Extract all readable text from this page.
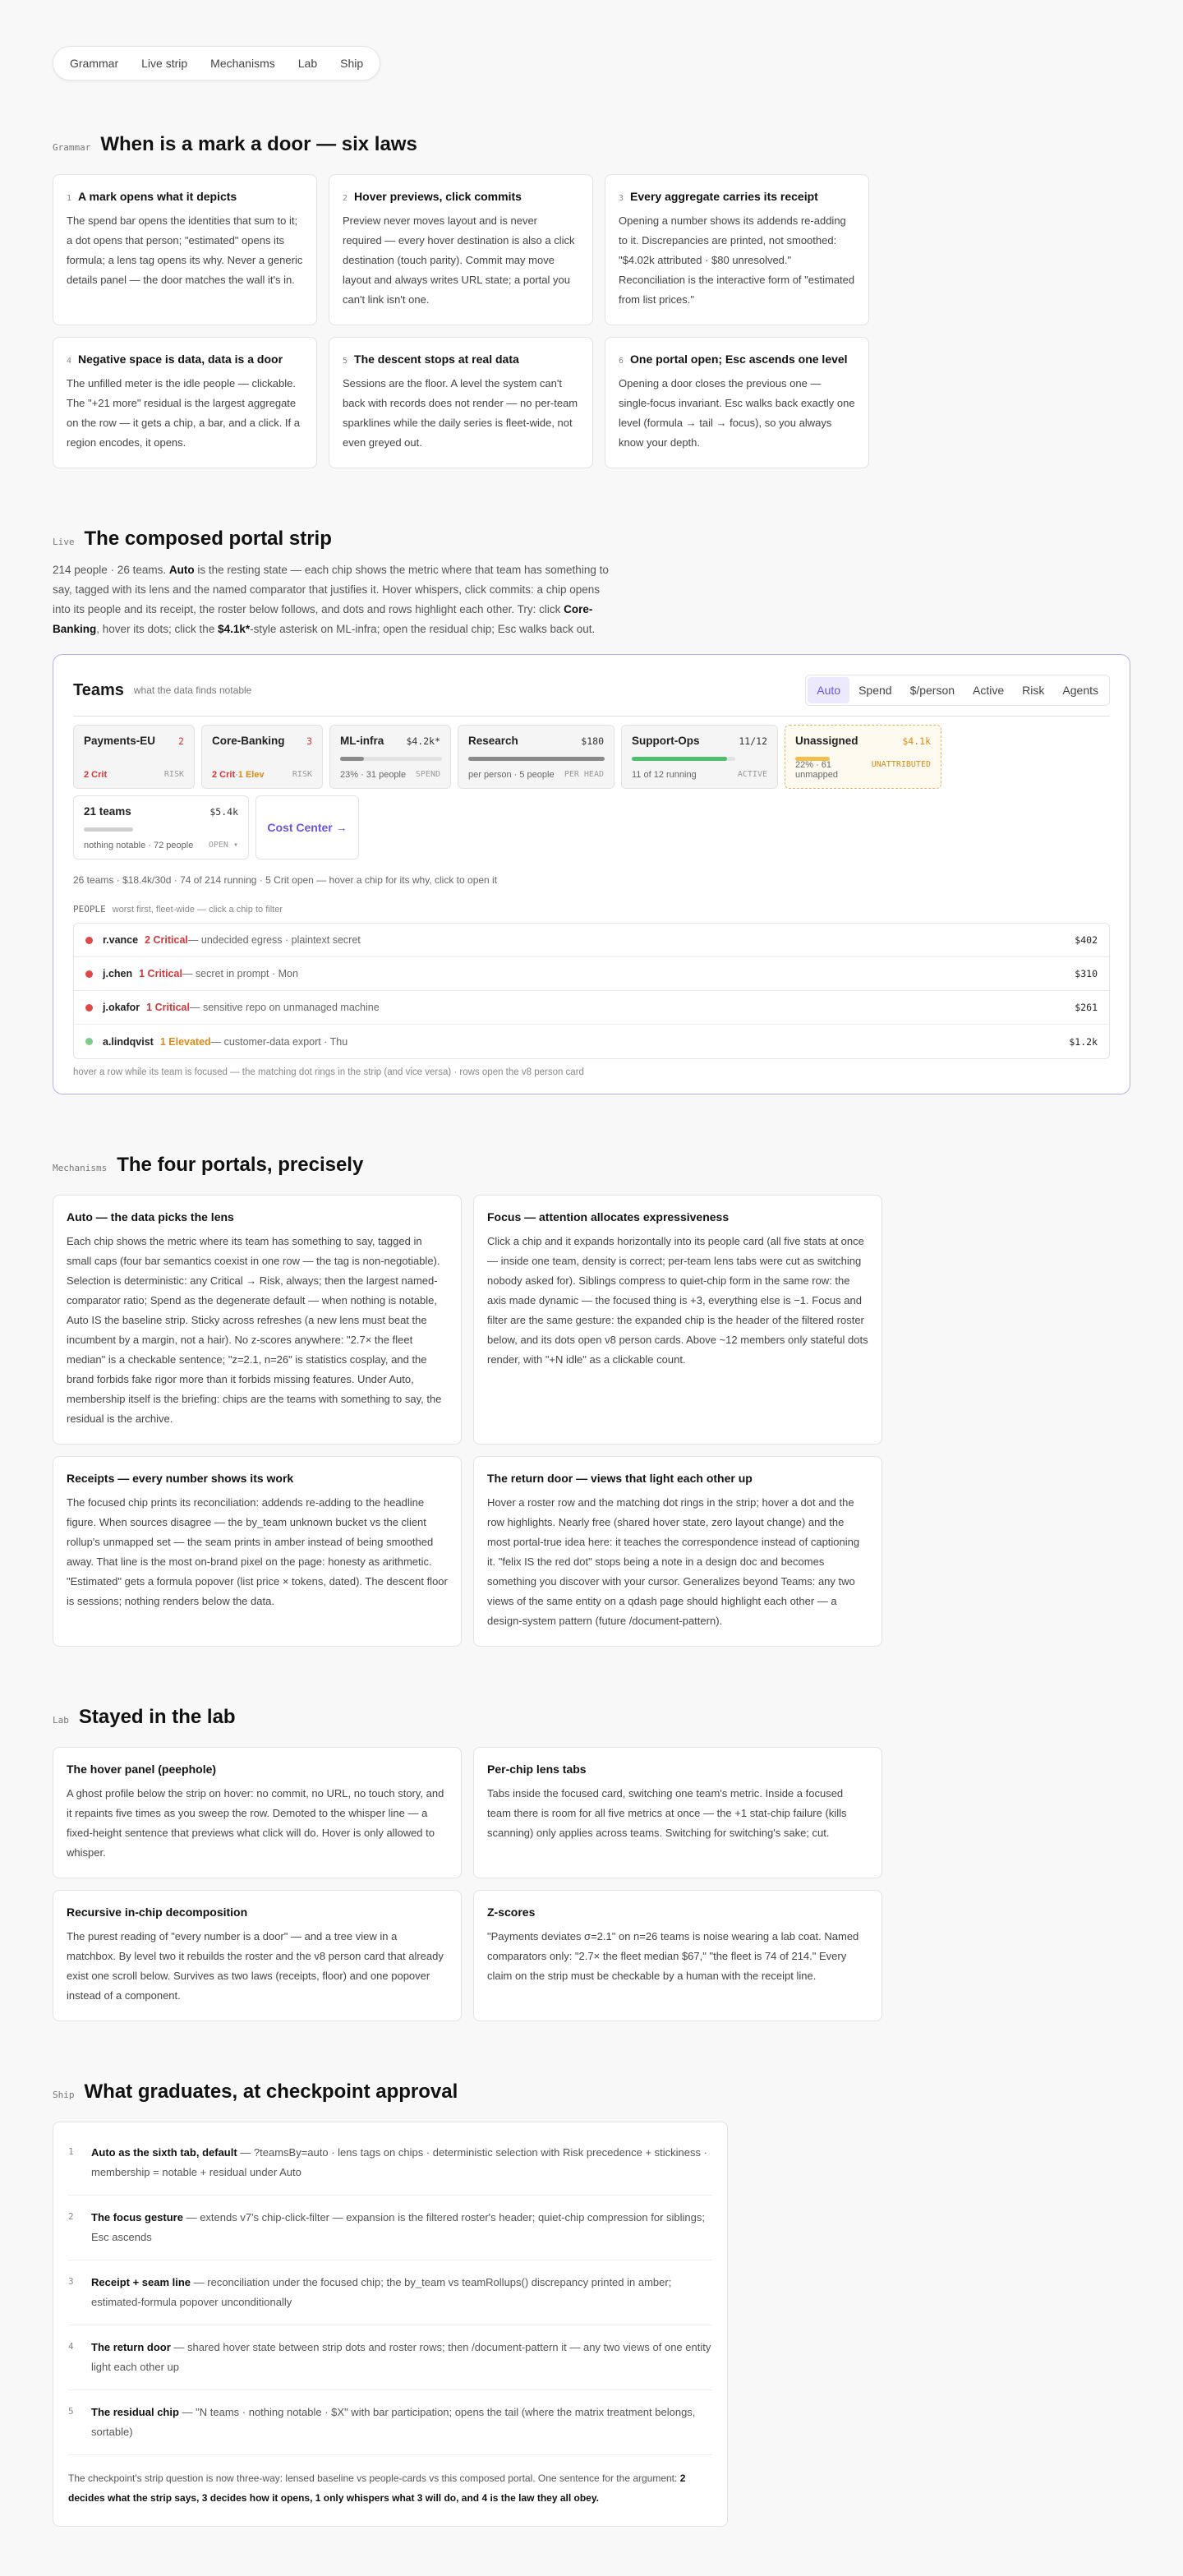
Grammar	Live strip	Mechanisms	Lab	Ship
Grammar When is a mark a door — six laws
1 A mark opens what it depicts

The spend bar opens the identities that sum to it; a dot opens that person; "estimated" opens its formula; a lens tag opens its why. Never a generic details panel — the door matches the wall it's in.

2 Hover previews, click commits

Preview never moves layout and is never required — every hover destination is also a click destination (touch parity). Commit may move layout and always writes URL state; a portal you can't link isn't one.

3 Every aggregate carries its receipt

Opening a number shows its addends re-adding to it. Discrepancies are printed, not smoothed: "$4.02k attributed · $80 unresolved." Reconciliation is the interactive form of "estimated from list prices."

4 Negative space is data, data is a door

The unfilled meter is the idle people — clickable. The "+21 more" residual is the largest aggregate on the row — it gets a chip, a bar, and a click. If a region encodes, it opens.

5 The descent stops at real data

Sessions are the floor. A level the system can't back with records does not render — no per-team sparklines while the daily series is fleet-wide, not even greyed out.

6 One portal open; Esc ascends one level

Opening a door closes the previous one — single-focus invariant. Esc walks back exactly one level (formula → tail → focus), so you always know your depth.

Live The composed portal strip

214 people · 26 teams. Auto is the resting state — each chip shows the metric where that team has something to say, tagged with its lens and the named comparator that justifies it. Hover whispers, click commits: a chip opens into its people and its receipt, the roster below follows, and dots and rows highlight each other. Try: click Core-Banking, hover its dots; click the $4.1k*-style asterisk on ML-infra; open the residual chip; Esc walks back out.

Teams what the data finds notable	Auto	Spend	$/person	Active	Risk	Agents
Payments-EU	2
2 Crit	RISK
Core-Banking	3
2 Crit · 1 Elev	RISK
ML-infra	$4.2k*
23% · 31 people SPEND
Research	$180
per person · 5 people PER HEAD
Support-Ops	11/12
11 of 12 running	ACTIVE
Unassigned	$4.1k
22% · 61 unmapped
UNATTRIBUTED
21 teams	$5.4k
nothing notable · 72 people OPEN ▾
Cost Center →
26 teams · $18.4k/30d · 74 of 214 running · 5 Crit open — hover a chip for its why, click to open it
PEOPLE worst first, fleet-wide — click a chip to filter
r.vance 2 Critical — undecided egress · plaintext secret	$402
j.chen 1 Critical — secret in prompt · Mon	$310
j.okafor 1 Critical — sensitive repo on unmanaged machine	$261
a.lindqvist 1 Elevated — customer-data export · Thu	$1.2k
hover a row while its team is focused — the matching dot rings in the strip (and vice versa) · rows open the v8 person card
Mechanisms The four portals, precisely
Auto — the data picks the lens

Each chip shows the metric where its team has something to say, tagged in small caps (four bar semantics coexist in one row — the tag is non-negotiable). Selection is deterministic: any Critical → Risk, always; then the largest named-comparator ratio; Spend as the degenerate default — when nothing is notable, Auto IS the baseline strip. Sticky across refreshes (a new lens must beat the incumbent by a margin, not a hair). No z-scores anywhere: "2.7× the fleet median" is a checkable sentence; "z=2.1, n=26" is statistics cosplay, and the brand forbids fake rigor more than it forbids missing features. Under Auto, membership itself is the briefing: chips are the teams with something to say, the residual is the archive.

Focus — attention allocates expressiveness

Click a chip and it expands horizontally into its people card (all five stats at once — inside one team, density is correct; per-team lens tabs were cut as switching nobody asked for). Siblings compress to quiet-chip form in the same row: the axis made dynamic — the focused thing is +3, everything else is −1. Focus and filter are the same gesture: the expanded chip is the header of the filtered roster below, and its dots open v8 person cards. Above ~12 members only stateful dots render, with "+N idle" as a clickable count.

Receipts — every number shows its work

The focused chip prints its reconciliation: addends re-adding to the headline figure. When sources disagree — the by_team unknown bucket vs the client rollup's unmapped set — the seam prints in amber instead of being smoothed away. That line is the most on-brand pixel on the page: honesty as arithmetic. "Estimated" gets a formula popover (list price × tokens, dated). The descent floor is sessions; nothing renders below the data.

The return door — views that light each other up

Hover a roster row and the matching dot rings in the strip; hover a dot and the row highlights. Nearly free (shared hover state, zero layout change) and the most portal-true idea here: it teaches the correspondence instead of captioning it. "felix IS the red dot" stops being a note in a design doc and becomes something you discover with your cursor. Generalizes beyond Teams: any two views of the same entity on a qdash page should highlight each other — a design-system pattern (future /document-pattern).

Lab Stayed in the lab
The hover panel (peephole)

A ghost profile below the strip on hover: no commit, no URL, no touch story, and it repaints five times as you sweep the row. Demoted to the whisper line — a fixed-height sentence that previews what click will do. Hover is only allowed to whisper.

Per-chip lens tabs

Tabs inside the focused card, switching one team's metric. Inside a focused team there is room for all five metrics at once — the +1 stat-chip failure (kills scanning) only applies across teams. Switching for switching's sake; cut.

Recursive in-chip decomposition

The purest reading of "every number is a door" — and a tree view in a matchbox. By level two it rebuilds the roster and the v8 person card that already exist one scroll below. Survives as two laws (receipts, floor) and one popover instead of a component.

Z-scores

"Payments deviates σ=2.1" on n=26 teams is noise wearing a lab coat. Named comparators only: "2.7× the fleet median $67," "the fleet is 74 of 214." Every claim on the strip must be checkable by a human with the receipt line.

Ship What graduates, at checkpoint approval
1	Auto as the sixth tab, default — ?teamsBy=auto · lens tags on chips · deterministic selection with Risk precedence + stickiness · membership = notable + residual under Auto

2	The focus gesture — extends v7's chip-click-filter — expansion is the filtered roster's header; quiet-chip compression for siblings; Esc ascends

3	Receipt + seam line — reconciliation under the focused chip; the by_team vs teamRollups() discrepancy printed in amber; estimated-formula popover unconditionally

4	The return door — shared hover state between strip dots and roster rows; then /document-pattern it — any two views of one entity light each other up

5	The residual chip — "N teams · nothing notable · $X" with bar participation; opens the tail (where the matrix treatment belongs, sortable)

The checkpoint's strip question is now three-way: lensed baseline vs people-cards vs this composed portal. One sentence for the argument: 2 decides what the strip says, 3 decides how it opens, 1 only whispers what 3 will do, and 4 is the law they all obey.
